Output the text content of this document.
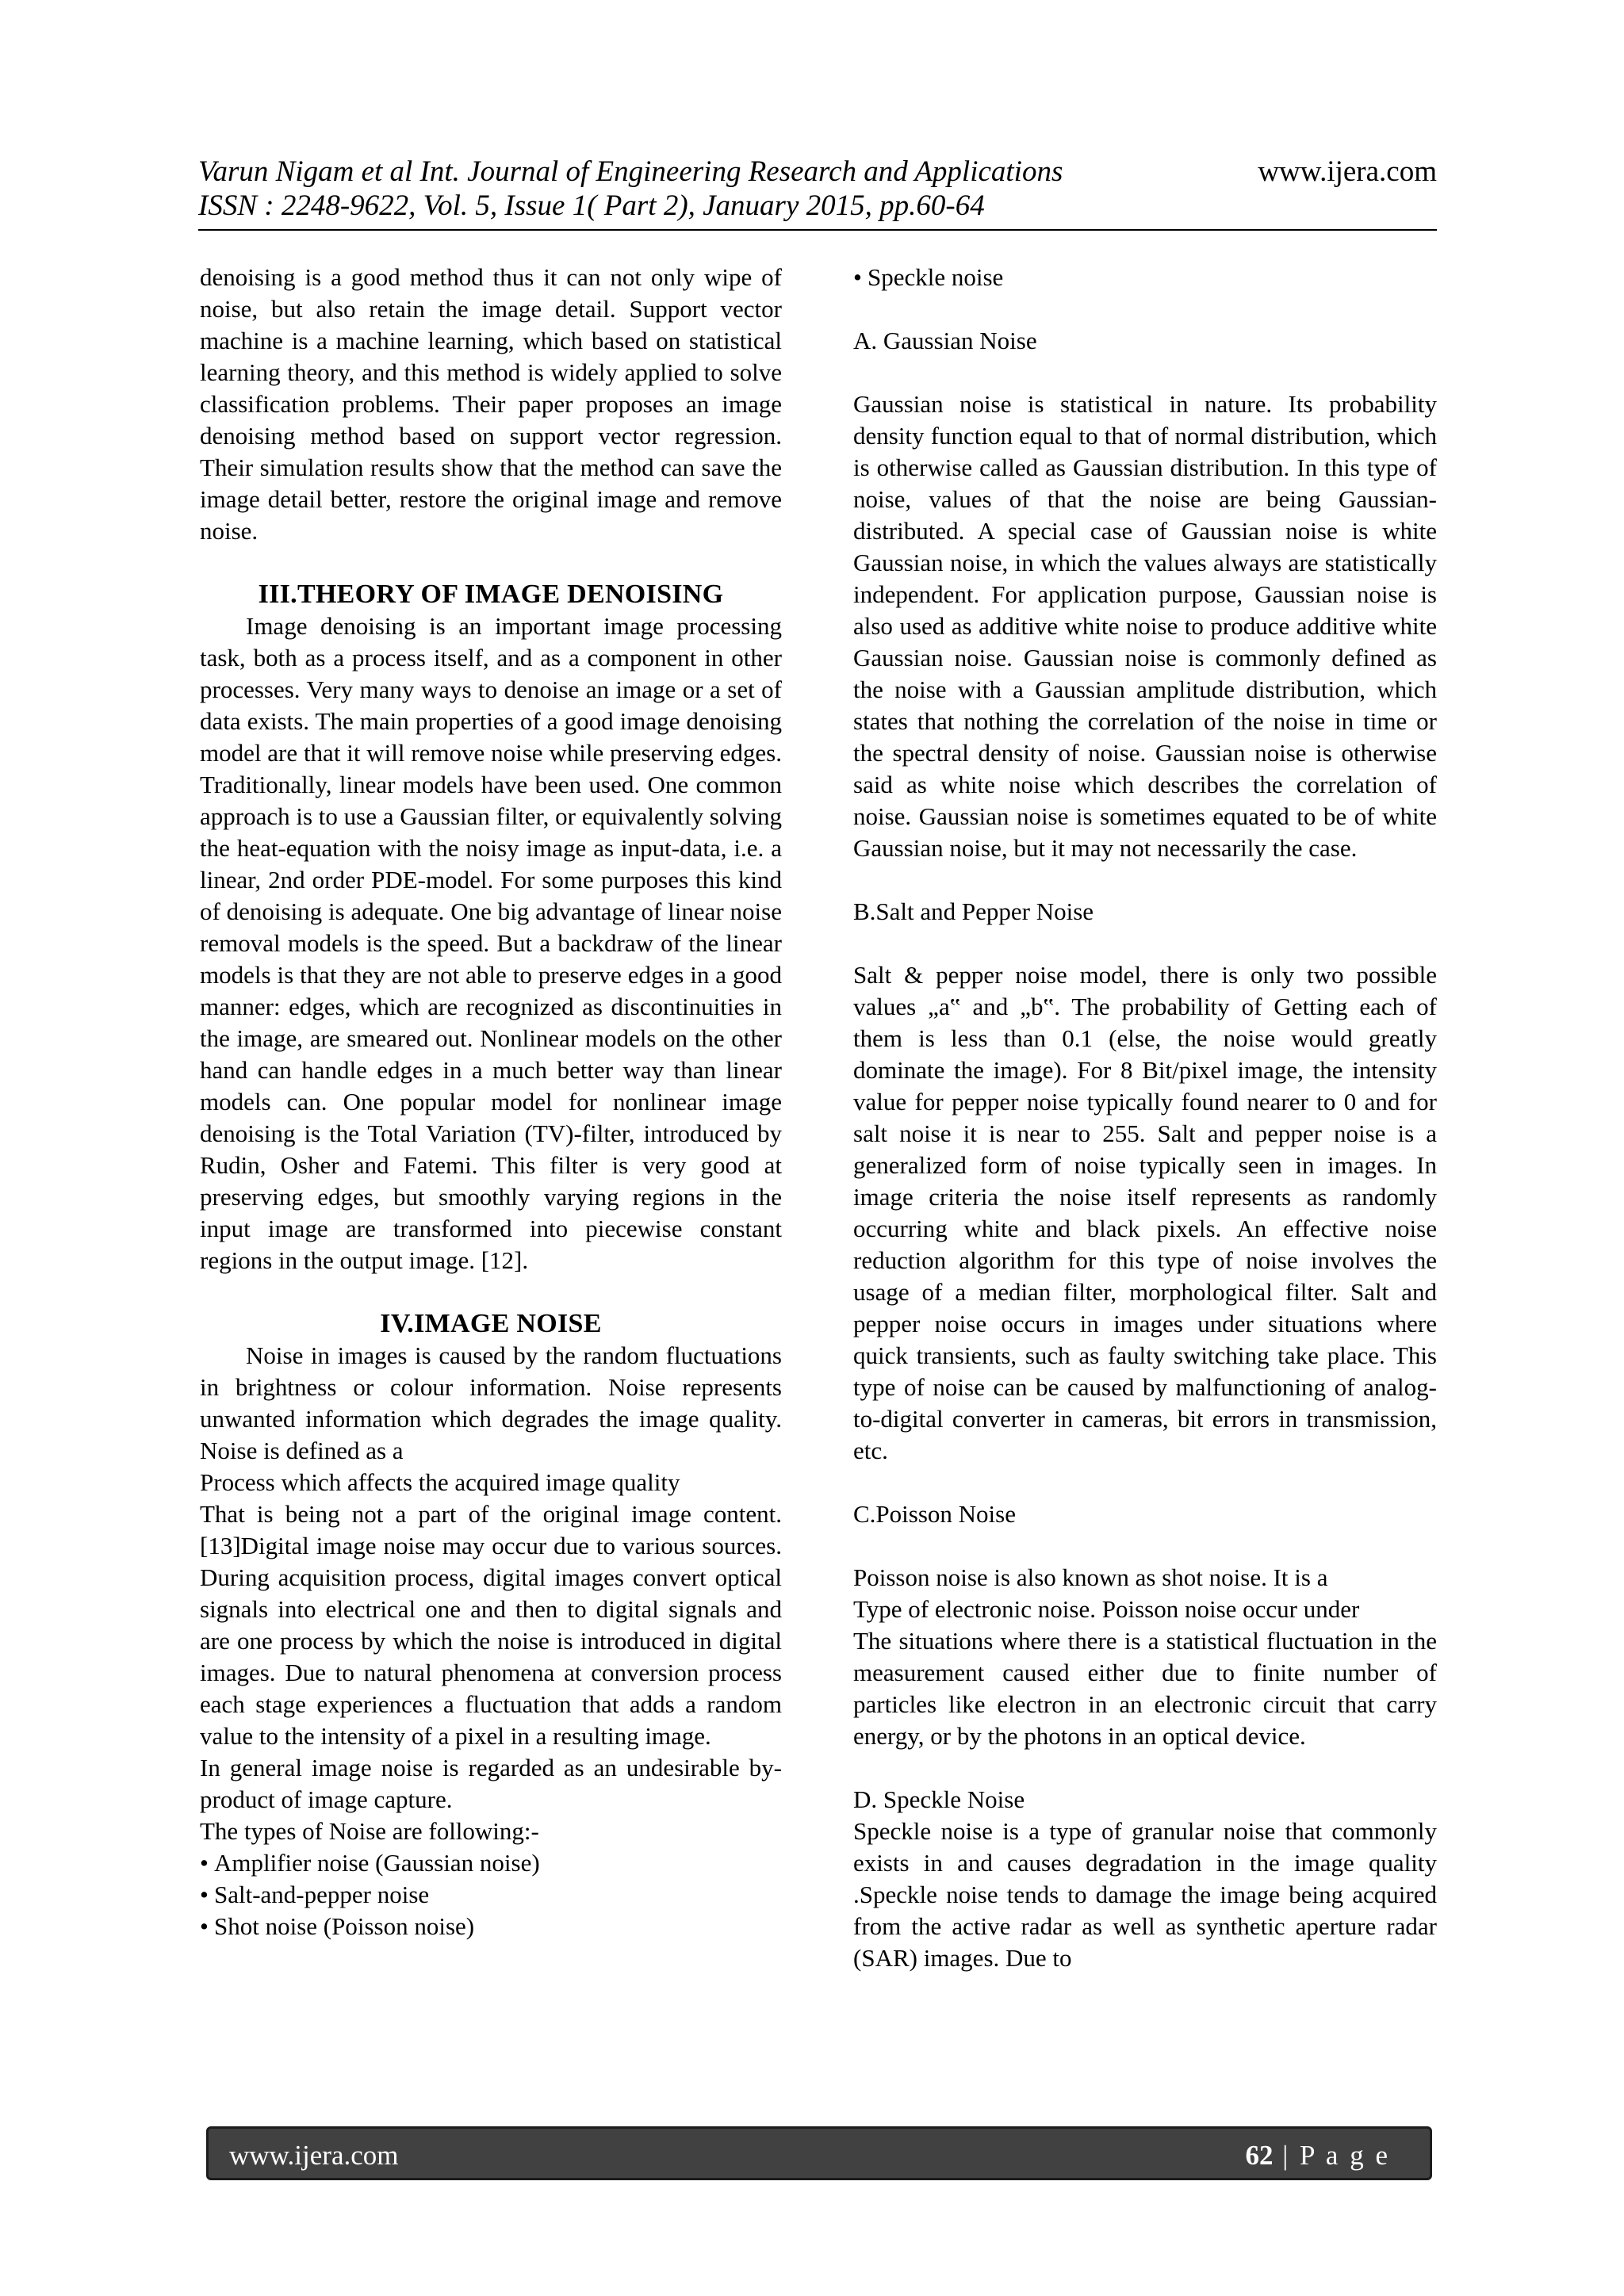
Varun Nigam et al Int. Journal of Engineering Research and Applications
ISSN : 2248-9622, Vol. 5, Issue 1( Part 2), January 2015, pp.60-64
www.ijera.com

denoising is a good method thus it can not only wipe of noise, but also retain the image detail. Support vector machine is a machine learning, which based on statistical learning theory, and this method is widely applied to solve classification problems. Their paper proposes an image denoising method based on support vector regression. Their simulation results show that the method can save the image detail better, restore the original image and remove noise.

III.THEORY OF IMAGE DENOISING

Image denoising is an important image processing task, both as a process itself, and as a component in other processes. Very many ways to denoise an image or a set of data exists. The main properties of a good image denoising model are that it will remove noise while preserving edges. Traditionally, linear models have been used. One common approach is to use a Gaussian filter, or equivalently solving the heat-equation with the noisy image as input-data, i.e. a linear, 2nd order PDE-model. For some purposes this kind of denoising is adequate. One big advantage of linear noise removal models is the speed. But a backdraw of the linear models is that they are not able to preserve edges in a good manner: edges, which are recognized as discontinuities in the image, are smeared out. Nonlinear models on the other hand can handle edges in a much better way than linear models can. One popular model for nonlinear image denoising is the Total Variation (TV)-filter, introduced by Rudin, Osher and Fatemi. This filter is very good at preserving edges, but smoothly varying regions in the input image are transformed into piecewise constant regions in the output image. [12].

IV.IMAGE NOISE

Noise in images is caused by the random fluctuations in brightness or colour information. Noise represents unwanted information which degrades the image quality. Noise is defined as a

Process which affects the acquired image quality

That is being not a part of the original image content. [13]Digital image noise may occur due to various sources. During acquisition process, digital images convert optical signals into electrical one and then to digital signals and are one process by which the noise is introduced in digital images. Due to natural phenomena at conversion process each stage experiences a fluctuation that adds a random value to the intensity of a pixel in a resulting image.

In general image noise is regarded as an undesirable by-product of image capture.

The types of Noise are following:-

• Amplifier noise (Gaussian noise)
• Salt-and-pepper noise
• Shot noise (Poisson noise)
• Speckle noise

A. Gaussian Noise

Gaussian noise is statistical in nature. Its probability density function equal to that of normal distribution, which is otherwise called as Gaussian distribution. In this type of noise, values of that the noise are being Gaussian-distributed. A special case of Gaussian noise is white Gaussian noise, in which the values always are statistically independent. For application purpose, Gaussian noise is also used as additive white noise to produce additive white Gaussian noise. Gaussian noise is commonly defined as the noise with a Gaussian amplitude distribution, which states that nothing the correlation of the noise in time or the spectral density of noise. Gaussian noise is otherwise said as white noise which describes the correlation of noise. Gaussian noise is sometimes equated to be of white Gaussian noise, but it may not necessarily the case.

B.Salt and Pepper Noise

Salt & pepper noise model, there is only two possible values „a‟ and „b‟. The probability of Getting each of them is less than 0.1 (else, the noise would greatly dominate the image). For 8 Bit/pixel image, the intensity value for pepper noise typically found nearer to 0 and for salt noise it is near to 255. Salt and pepper noise is a generalized form of noise typically seen in images. In image criteria the noise itself represents as randomly occurring white and black pixels. An effective noise reduction algorithm for this type of noise involves the usage of a median filter, morphological filter. Salt and pepper noise occurs in images under situations where quick transients, such as faulty switching take place. This type of noise can be caused by malfunctioning of analog-to-digital converter in cameras, bit errors in transmission, etc.

C.Poisson Noise

Poisson noise is also known as shot noise. It is a

Type of electronic noise. Poisson noise occur under

The situations where there is a statistical fluctuation in the measurement caused either due to finite number of particles like electron in an electronic circuit that carry energy, or by the photons in an optical device.

D. Speckle Noise

Speckle noise is a type of granular noise that commonly exists in and causes degradation in the image quality .Speckle noise tends to damage the image being acquired from the active radar as well as synthetic aperture radar (SAR) images. Due to

www.ijera.com	62 | P a g e
